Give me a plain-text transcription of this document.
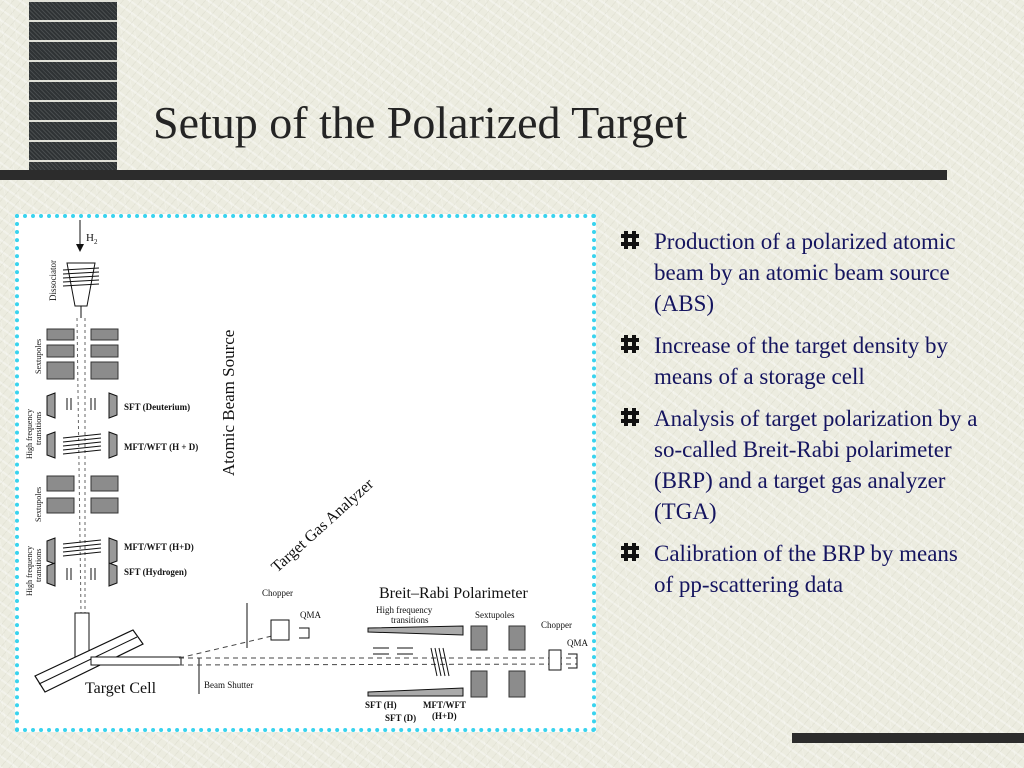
Setup of the Polarized Target
$H_2$
Dissociator
Sextupoles
SFT (Deuterium)
MFT/WFT (H + D)
High frequency transitions
Sextupoles
MFT/WFT (H+D)
SFT (Hydrogen)
High frequency transitions
Atomic Beam Source
Target Cell	Beam Shutter
Target Gas Analyzer
Chopper
QMA
Breit–Rabi Polarimeter
High frequency
transitions	Sextupoles
Chopper
QMA
SFT (H)
SFT (D)
MFT/WFT
(H+D)
Production of a polarized atomic beam by an atomic beam source (ABS)
Increase of the target density by means of a storage cell
Analysis of target polarization by a so-called Breit-Rabi polarimeter (BRP) and a target gas analyzer (TGA)
Calibration of the BRP by means of pp-scattering data
